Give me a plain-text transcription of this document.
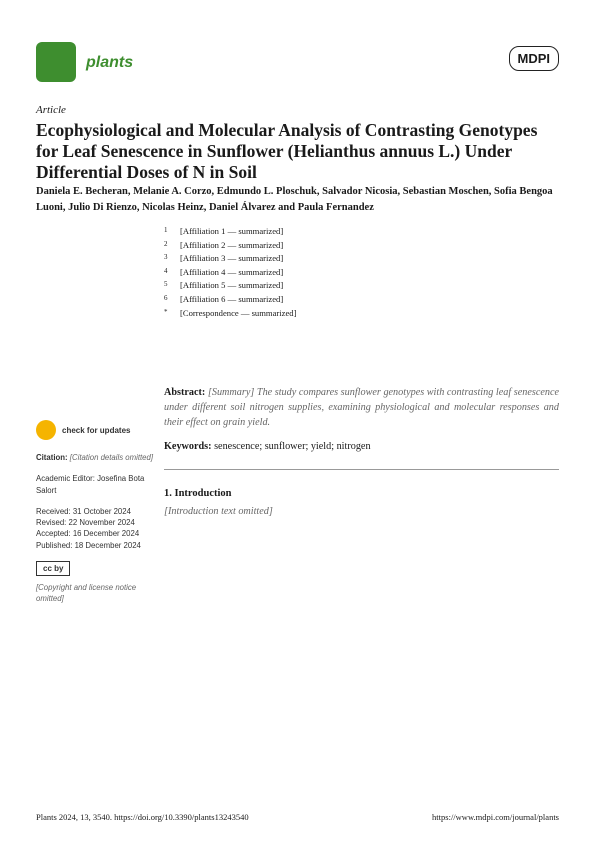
plants	MDPI
Article
Ecophysiological and Molecular Analysis of Contrasting Genotypes for Leaf Senescence in Sunflower (Helianthus annuus L.) Under Differential Doses of N in Soil
Daniela E. Becheran, Melanie A. Corzo, Edmundo L. Ploschuk, Salvador Nicosia, Sebastian Moschen, Sofia Bengoa Luoni, Julio Di Rienzo, Nicolas Heinz, Daniel Álvarez and Paula Fernandez
1	[Affiliation 1 — summarized]
2	[Affiliation 2 — summarized]
3	[Affiliation 3 — summarized]
4	[Affiliation 4 — summarized]
5	[Affiliation 5 — summarized]
6	[Affiliation 6 — summarized]
*	[Correspondence — summarized]
check for updates
Citation: [Citation details omitted]
Academic Editor: Josefina Bota Salort
Received: 31 October 2024
Revised: 22 November 2024
Accepted: 16 December 2024
Published: 18 December 2024
cc by
[Copyright and license notice omitted]
Abstract: [Summary] The study compares sunflower genotypes with contrasting leaf senescence under different soil nitrogen supplies, examining physiological and molecular responses and their effect on grain yield.
Keywords: senescence; sunflower; yield; nitrogen
1. Introduction
[Introduction text omitted]
Plants 2024, 13, 3540. https://doi.org/10.3390/plants13243540	https://www.mdpi.com/journal/plants
